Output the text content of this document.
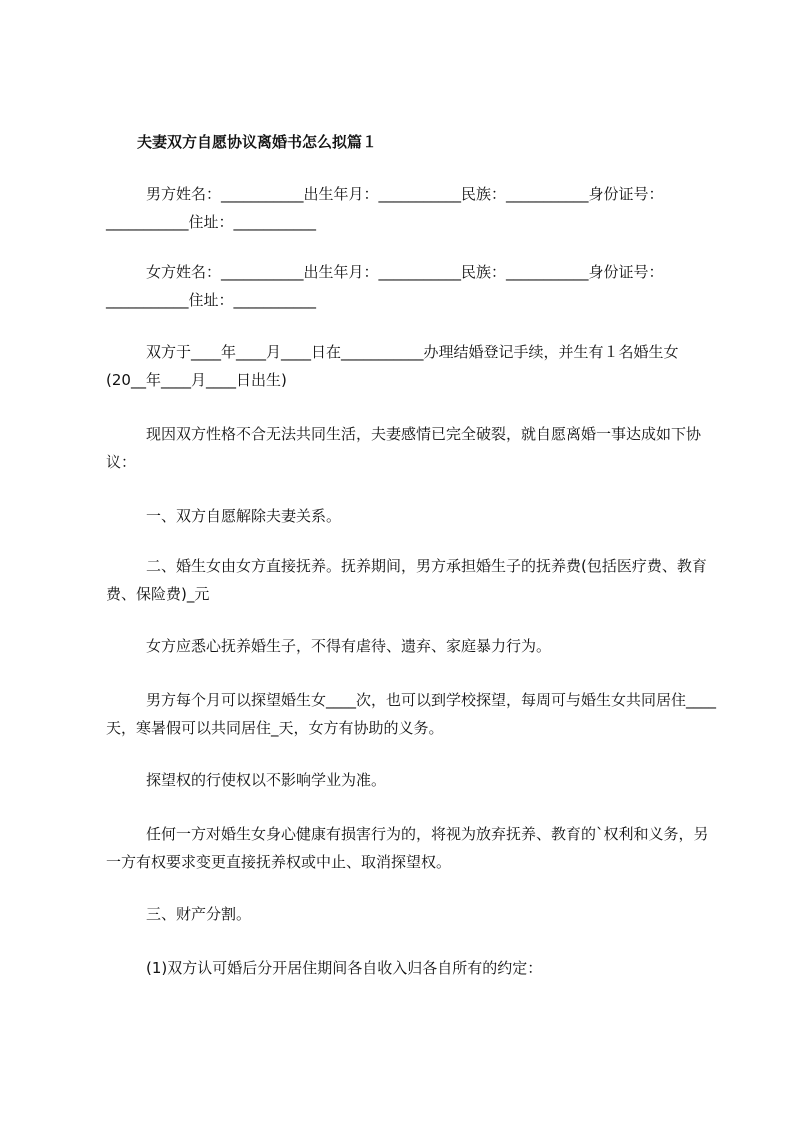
夫妻双方自愿协议离婚书怎么拟篇１

男方姓名：___________出生年月：___________民族：___________身份证号：___________住址：___________

女方姓名：___________出生年月：___________民族：___________身份证号：___________住址：___________

双方于____年____月____日在___________办理结婚登记手续，并生有１名婚生女(20__年____月____日出生)

现因双方性格不合无法共同生活，夫妻感情已完全破裂，就自愿离婚一事达成如下协议：

一、双方自愿解除夫妻关系。

二、婚生女由女方直接抚养。抚养期间，男方承担婚生子的抚养费(包括医疗费、教育费、保险费)_元

女方应悉心抚养婚生子，不得有虐待、遗弃、家庭暴力行为。

男方每个月可以探望婚生女____次，也可以到学校探望，每周可与婚生女共同居住____天，寒暑假可以共同居住_天，女方有协助的义务。

探望权的行使权以不影响学业为准。

任何一方对婚生女身心健康有损害行为的，将视为放弃抚养、教育的`权利和义务，另一方有权要求变更直接抚养权或中止、取消探望权。

三、财产分割。

(1)双方认可婚后分开居住期间各自收入归各自所有的约定：
